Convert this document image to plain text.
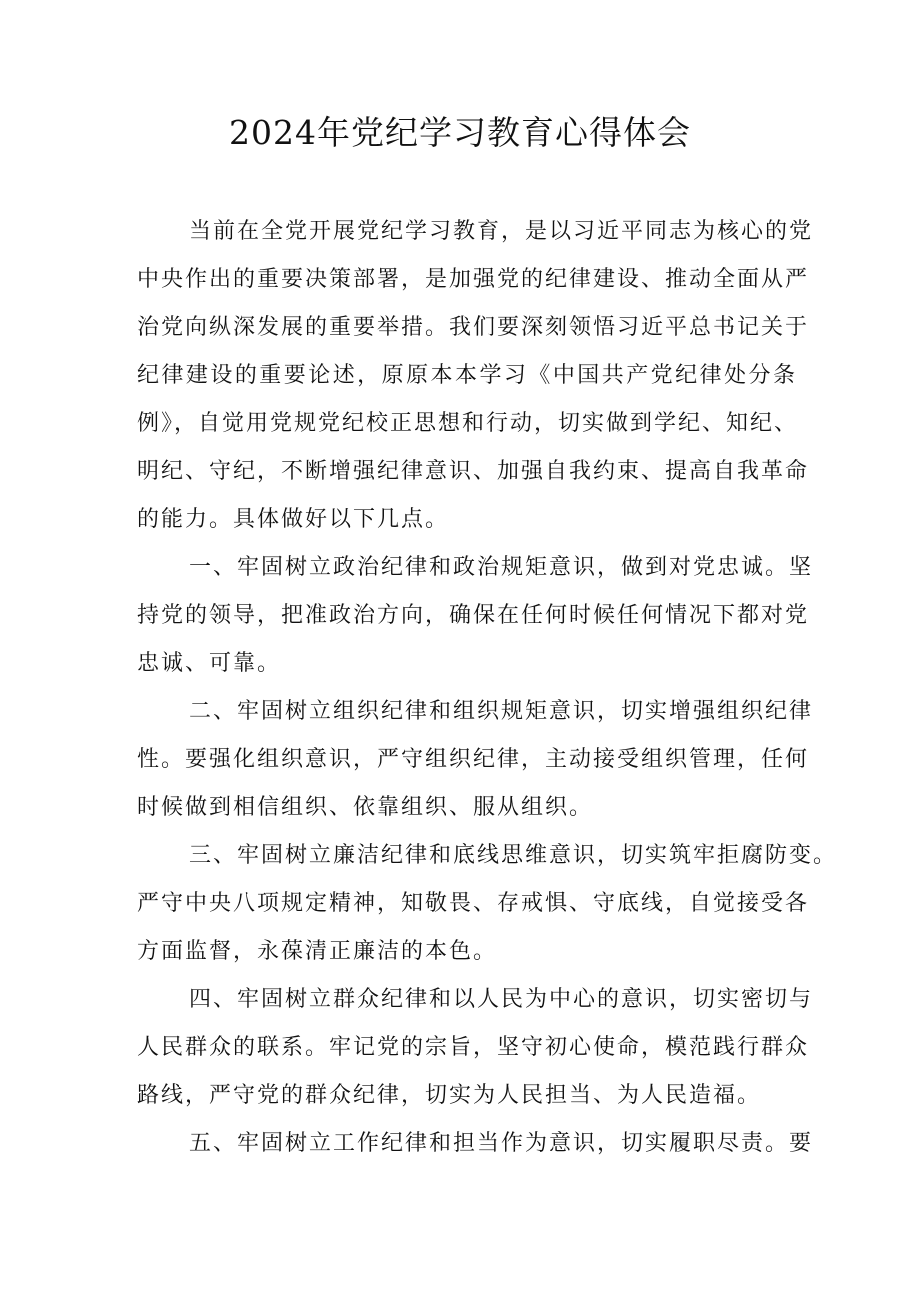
2024年党纪学习教育心得体会
当前在全党开展党纪学习教育，是以习近平同志为核心的党
中央作出的重要决策部署，是加强党的纪律建设、推动全面从严
治党向纵深发展的重要举措。我们要深刻领悟习近平总书记关于
纪律建设的重要论述，原原本本学习《中国共产党纪律处分条
例》，自觉用党规党纪校正思想和行动，切实做到学纪、知纪、
明纪、守纪，不断增强纪律意识、加强自我约束、提高自我革命
的能力。具体做好以下几点。
一、牢固树立政治纪律和政治规矩意识，做到对党忠诚。坚
持党的领导，把准政治方向，确保在任何时候任何情况下都对党
忠诚、可靠。
二、牢固树立组织纪律和组织规矩意识，切实增强组织纪律
性。要强化组织意识，严守组织纪律，主动接受组织管理，任何
时候做到相信组织、依靠组织、服从组织。
三、牢固树立廉洁纪律和底线思维意识，切实筑牢拒腐防变。
严守中央八项规定精神，知敬畏、存戒惧、守底线，自觉接受各
方面监督，永葆清正廉洁的本色。
四、牢固树立群众纪律和以人民为中心的意识，切实密切与
人民群众的联系。牢记党的宗旨，坚守初心使命，模范践行群众
路线，严守党的群众纪律，切实为人民担当、为人民造福。
五、牢固树立工作纪律和担当作为意识，切实履职尽责。要
